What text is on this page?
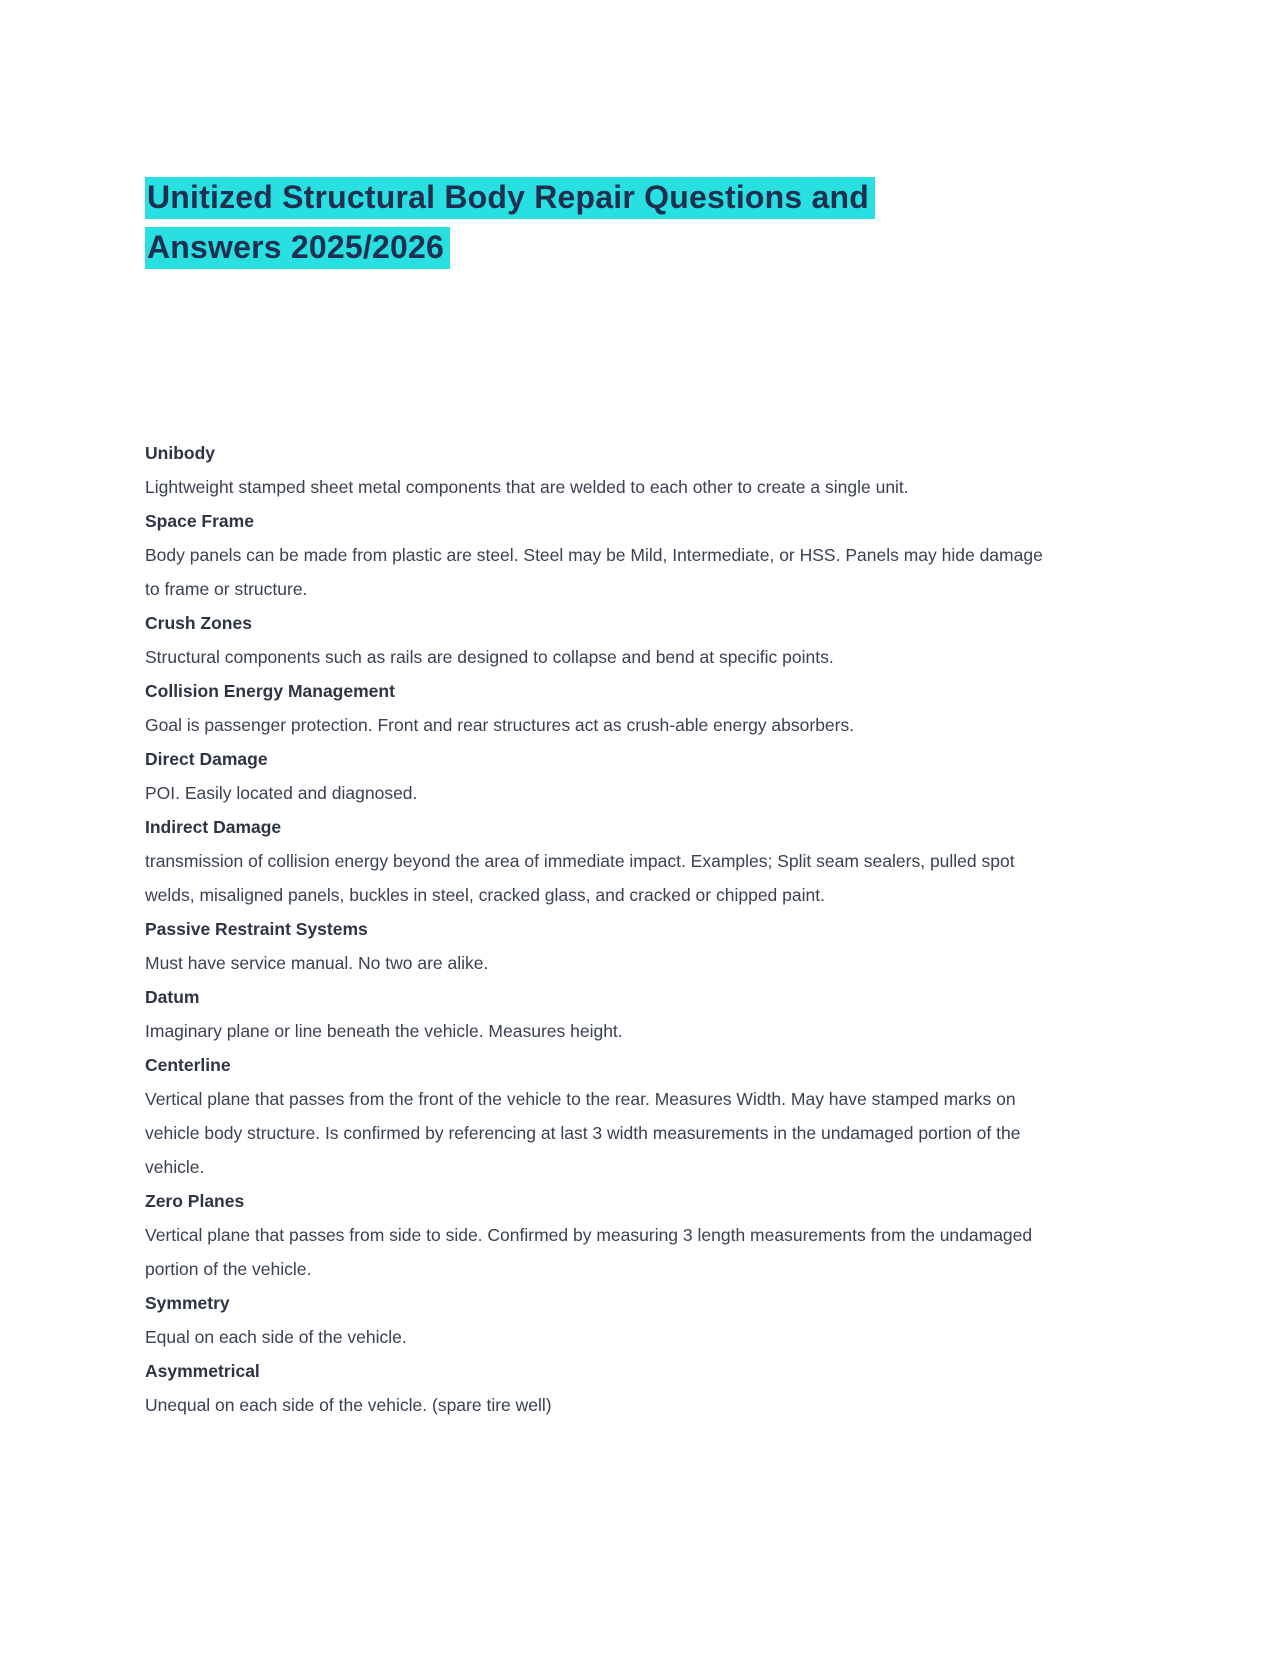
Unitized Structural Body Repair Questions and Answers 2025/2026
Unibody
Lightweight stamped sheet metal components that are welded to each other to create a single unit.
Space Frame
Body panels can be made from plastic are steel. Steel may be Mild, Intermediate, or HSS. Panels may hide damage to frame or structure.
Crush Zones
Structural components such as rails are designed to collapse and bend at specific points.
Collision Energy Management
Goal is passenger protection. Front and rear structures act as crush-able energy absorbers.
Direct Damage
POI. Easily located and diagnosed.
Indirect Damage
transmission of collision energy beyond the area of immediate impact. Examples; Split seam sealers, pulled spot welds, misaligned panels, buckles in steel, cracked glass, and cracked or chipped paint.
Passive Restraint Systems
Must have service manual. No two are alike.
Datum
Imaginary plane or line beneath the vehicle. Measures height.
Centerline
Vertical plane that passes from the front of the vehicle to the rear. Measures Width. May have stamped marks on vehicle body structure. Is confirmed by referencing at last 3 width measurements in the undamaged portion of the vehicle.
Zero Planes
Vertical plane that passes from side to side. Confirmed by measuring 3 length measurements from the undamaged portion of the vehicle.
Symmetry
Equal on each side of the vehicle.
Asymmetrical
Unequal on each side of the vehicle. (spare tire well)
